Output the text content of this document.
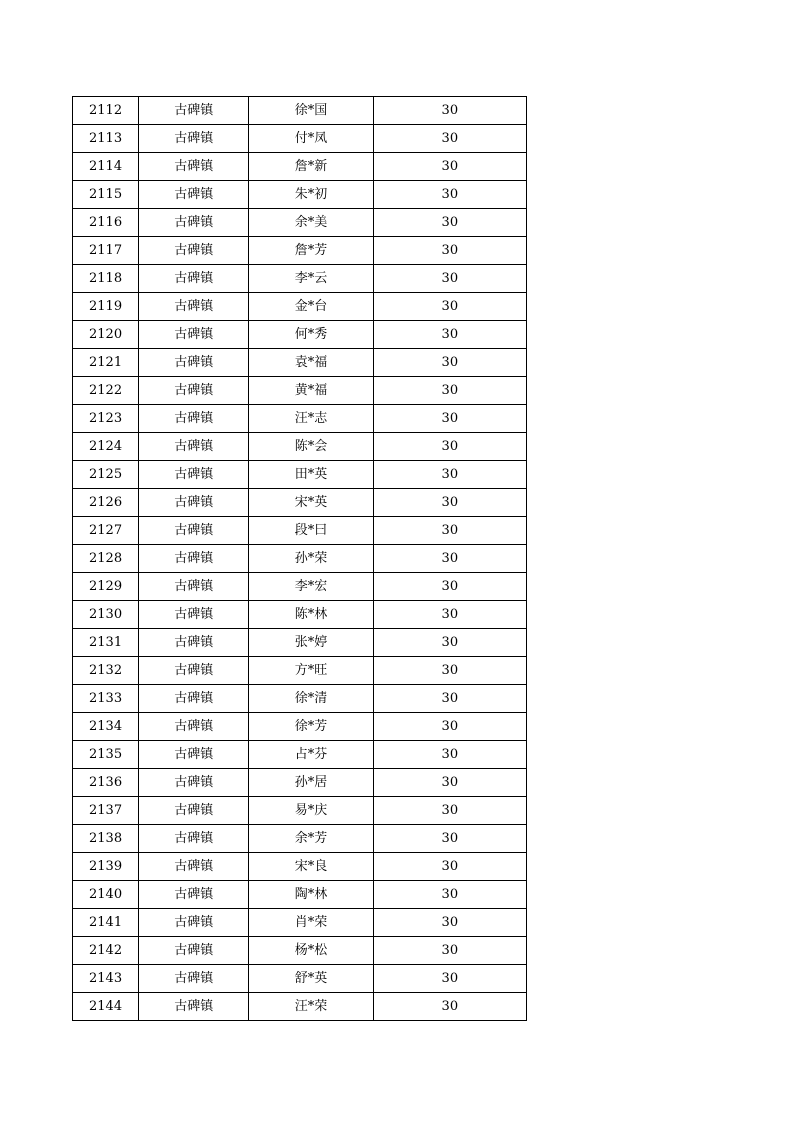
2112	古碑镇	徐*国	30
2113	古碑镇	付*凤	30
2114	古碑镇	詹*新	30
2115	古碑镇	朱*初	30
2116	古碑镇	余*美	30
2117	古碑镇	詹*芳	30
2118	古碑镇	李*云	30
2119	古碑镇	金*台	30
2120	古碑镇	何*秀	30
2121	古碑镇	袁*福	30
2122	古碑镇	黄*福	30
2123	古碑镇	汪*志	30
2124	古碑镇	陈*会	30
2125	古碑镇	田*英	30
2126	古碑镇	宋*英	30
2127	古碑镇	段*曰	30
2128	古碑镇	孙*荣	30
2129	古碑镇	李*宏	30
2130	古碑镇	陈*林	30
2131	古碑镇	张*婷	30
2132	古碑镇	方*旺	30
2133	古碑镇	徐*清	30
2134	古碑镇	徐*芳	30
2135	古碑镇	占*芬	30
2136	古碑镇	孙*居	30
2137	古碑镇	易*庆	30
2138	古碑镇	余*芳	30
2139	古碑镇	宋*良	30
2140	古碑镇	陶*林	30
2141	古碑镇	肖*荣	30
2142	古碑镇	杨*松	30
2143	古碑镇	舒*英	30
2144	古碑镇	汪*荣	30
